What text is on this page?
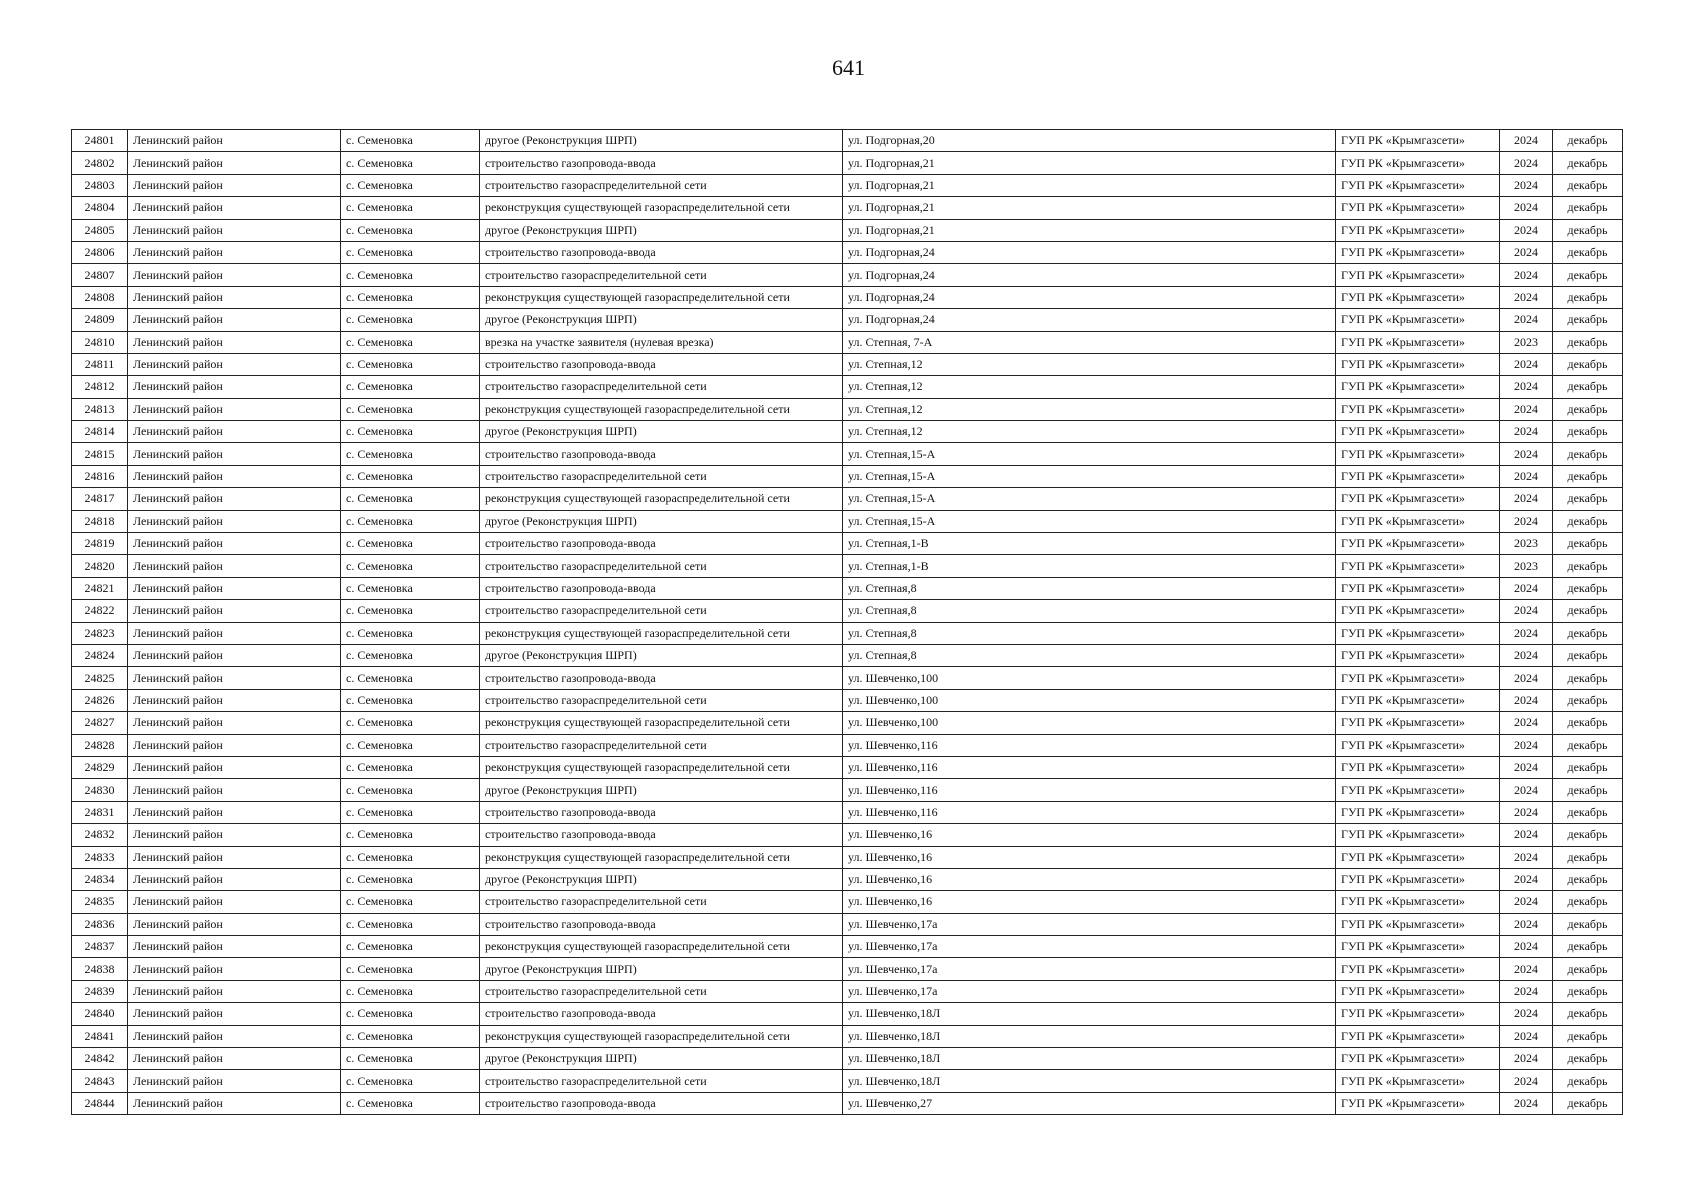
641
24801	Ленинский район	с. Семеновка	другое (Реконструкция ШРП)	ул. Подгорная,20	ГУП РК «Крымгазсети»	2024	декабрь
24802	Ленинский район	с. Семеновка	строительство газопровода-ввода	ул. Подгорная,21	ГУП РК «Крымгазсети»	2024	декабрь
24803	Ленинский район	с. Семеновка	строительство газораспределительной сети	ул. Подгорная,21	ГУП РК «Крымгазсети»	2024	декабрь
24804	Ленинский район	с. Семеновка	реконструкция существующей газораспределительной сети	ул. Подгорная,21	ГУП РК «Крымгазсети»	2024	декабрь
24805	Ленинский район	с. Семеновка	другое (Реконструкция ШРП)	ул. Подгорная,21	ГУП РК «Крымгазсети»	2024	декабрь
24806	Ленинский район	с. Семеновка	строительство газопровода-ввода	ул. Подгорная,24	ГУП РК «Крымгазсети»	2024	декабрь
24807	Ленинский район	с. Семеновка	строительство газораспределительной сети	ул. Подгорная,24	ГУП РК «Крымгазсети»	2024	декабрь
24808	Ленинский район	с. Семеновка	реконструкция существующей газораспределительной сети	ул. Подгорная,24	ГУП РК «Крымгазсети»	2024	декабрь
24809	Ленинский район	с. Семеновка	другое (Реконструкция ШРП)	ул. Подгорная,24	ГУП РК «Крымгазсети»	2024	декабрь
24810	Ленинский район	с. Семеновка	врезка на участке заявителя (нулевая врезка)	ул. Степная, 7-А	ГУП РК «Крымгазсети»	2023	декабрь
24811	Ленинский район	с. Семеновка	строительство газопровода-ввода	ул. Степная,12	ГУП РК «Крымгазсети»	2024	декабрь
24812	Ленинский район	с. Семеновка	строительство газораспределительной сети	ул. Степная,12	ГУП РК «Крымгазсети»	2024	декабрь
24813	Ленинский район	с. Семеновка	реконструкция существующей газораспределительной сети	ул. Степная,12	ГУП РК «Крымгазсети»	2024	декабрь
24814	Ленинский район	с. Семеновка	другое (Реконструкция ШРП)	ул. Степная,12	ГУП РК «Крымгазсети»	2024	декабрь
24815	Ленинский район	с. Семеновка	строительство газопровода-ввода	ул. Степная,15-А	ГУП РК «Крымгазсети»	2024	декабрь
24816	Ленинский район	с. Семеновка	строительство газораспределительной сети	ул. Степная,15-А	ГУП РК «Крымгазсети»	2024	декабрь
24817	Ленинский район	с. Семеновка	реконструкция существующей газораспределительной сети	ул. Степная,15-А	ГУП РК «Крымгазсети»	2024	декабрь
24818	Ленинский район	с. Семеновка	другое (Реконструкция ШРП)	ул. Степная,15-А	ГУП РК «Крымгазсети»	2024	декабрь
24819	Ленинский район	с. Семеновка	строительство газопровода-ввода	ул. Степная,1-В	ГУП РК «Крымгазсети»	2023	декабрь
24820	Ленинский район	с. Семеновка	строительство газораспределительной сети	ул. Степная,1-В	ГУП РК «Крымгазсети»	2023	декабрь
24821	Ленинский район	с. Семеновка	строительство газопровода-ввода	ул. Степная,8	ГУП РК «Крымгазсети»	2024	декабрь
24822	Ленинский район	с. Семеновка	строительство газораспределительной сети	ул. Степная,8	ГУП РК «Крымгазсети»	2024	декабрь
24823	Ленинский район	с. Семеновка	реконструкция существующей газораспределительной сети	ул. Степная,8	ГУП РК «Крымгазсети»	2024	декабрь
24824	Ленинский район	с. Семеновка	другое (Реконструкция ШРП)	ул. Степная,8	ГУП РК «Крымгазсети»	2024	декабрь
24825	Ленинский район	с. Семеновка	строительство газопровода-ввода	ул. Шевченко,100	ГУП РК «Крымгазсети»	2024	декабрь
24826	Ленинский район	с. Семеновка	строительство газораспределительной сети	ул. Шевченко,100	ГУП РК «Крымгазсети»	2024	декабрь
24827	Ленинский район	с. Семеновка	реконструкция существующей газораспределительной сети	ул. Шевченко,100	ГУП РК «Крымгазсети»	2024	декабрь
24828	Ленинский район	с. Семеновка	строительство газораспределительной сети	ул. Шевченко,116	ГУП РК «Крымгазсети»	2024	декабрь
24829	Ленинский район	с. Семеновка	реконструкция существующей газораспределительной сети	ул. Шевченко,116	ГУП РК «Крымгазсети»	2024	декабрь
24830	Ленинский район	с. Семеновка	другое (Реконструкция ШРП)	ул. Шевченко,116	ГУП РК «Крымгазсети»	2024	декабрь
24831	Ленинский район	с. Семеновка	строительство газопровода-ввода	ул. Шевченко,116	ГУП РК «Крымгазсети»	2024	декабрь
24832	Ленинский район	с. Семеновка	строительство газопровода-ввода	ул. Шевченко,16	ГУП РК «Крымгазсети»	2024	декабрь
24833	Ленинский район	с. Семеновка	реконструкция существующей газораспределительной сети	ул. Шевченко,16	ГУП РК «Крымгазсети»	2024	декабрь
24834	Ленинский район	с. Семеновка	другое (Реконструкция ШРП)	ул. Шевченко,16	ГУП РК «Крымгазсети»	2024	декабрь
24835	Ленинский район	с. Семеновка	строительство газораспределительной сети	ул. Шевченко,16	ГУП РК «Крымгазсети»	2024	декабрь
24836	Ленинский район	с. Семеновка	строительство газопровода-ввода	ул. Шевченко,17а	ГУП РК «Крымгазсети»	2024	декабрь
24837	Ленинский район	с. Семеновка	реконструкция существующей газораспределительной сети	ул. Шевченко,17а	ГУП РК «Крымгазсети»	2024	декабрь
24838	Ленинский район	с. Семеновка	другое (Реконструкция ШРП)	ул. Шевченко,17а	ГУП РК «Крымгазсети»	2024	декабрь
24839	Ленинский район	с. Семеновка	строительство газораспределительной сети	ул. Шевченко,17а	ГУП РК «Крымгазсети»	2024	декабрь
24840	Ленинский район	с. Семеновка	строительство газопровода-ввода	ул. Шевченко,18Л	ГУП РК «Крымгазсети»	2024	декабрь
24841	Ленинский район	с. Семеновка	реконструкция существующей газораспределительной сети	ул. Шевченко,18Л	ГУП РК «Крымгазсети»	2024	декабрь
24842	Ленинский район	с. Семеновка	другое (Реконструкция ШРП)	ул. Шевченко,18Л	ГУП РК «Крымгазсети»	2024	декабрь
24843	Ленинский район	с. Семеновка	строительство газораспределительной сети	ул. Шевченко,18Л	ГУП РК «Крымгазсети»	2024	декабрь
24844	Ленинский район	с. Семеновка	строительство газопровода-ввода	ул. Шевченко,27	ГУП РК «Крымгазсети»	2024	декабрь
